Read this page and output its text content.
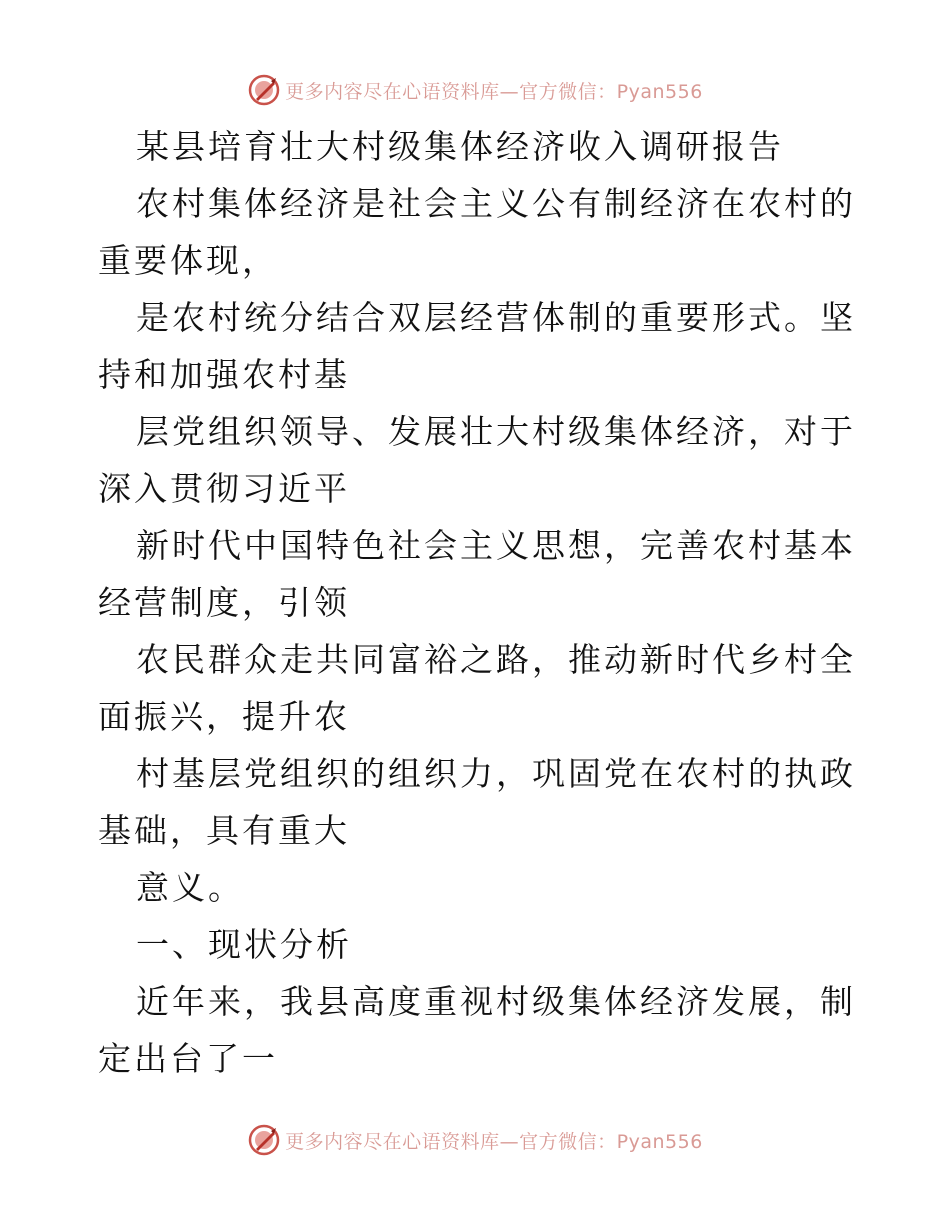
更多内容尽在心语资料库—官方微信：Pyan556

某县培育壮大村级集体经济收入调研报告

农村集体经济是社会主义公有制经济在农村的重要体现，

是农村统分结合双层经营体制的重要形式。坚持和加强农村基

层党组织领导、发展壮大村级集体经济，对于深入贯彻习近平

新时代中国特色社会主义思想，完善农村基本经营制度，引领

农民群众走共同富裕之路，推动新时代乡村全面振兴，提升农

村基层党组织的组织力，巩固党在农村的执政基础，具有重大

意义。

一、现状分析

近年来，我县高度重视村级集体经济发展，制定出台了一

更多内容尽在心语资料库—官方微信：Pyan556
